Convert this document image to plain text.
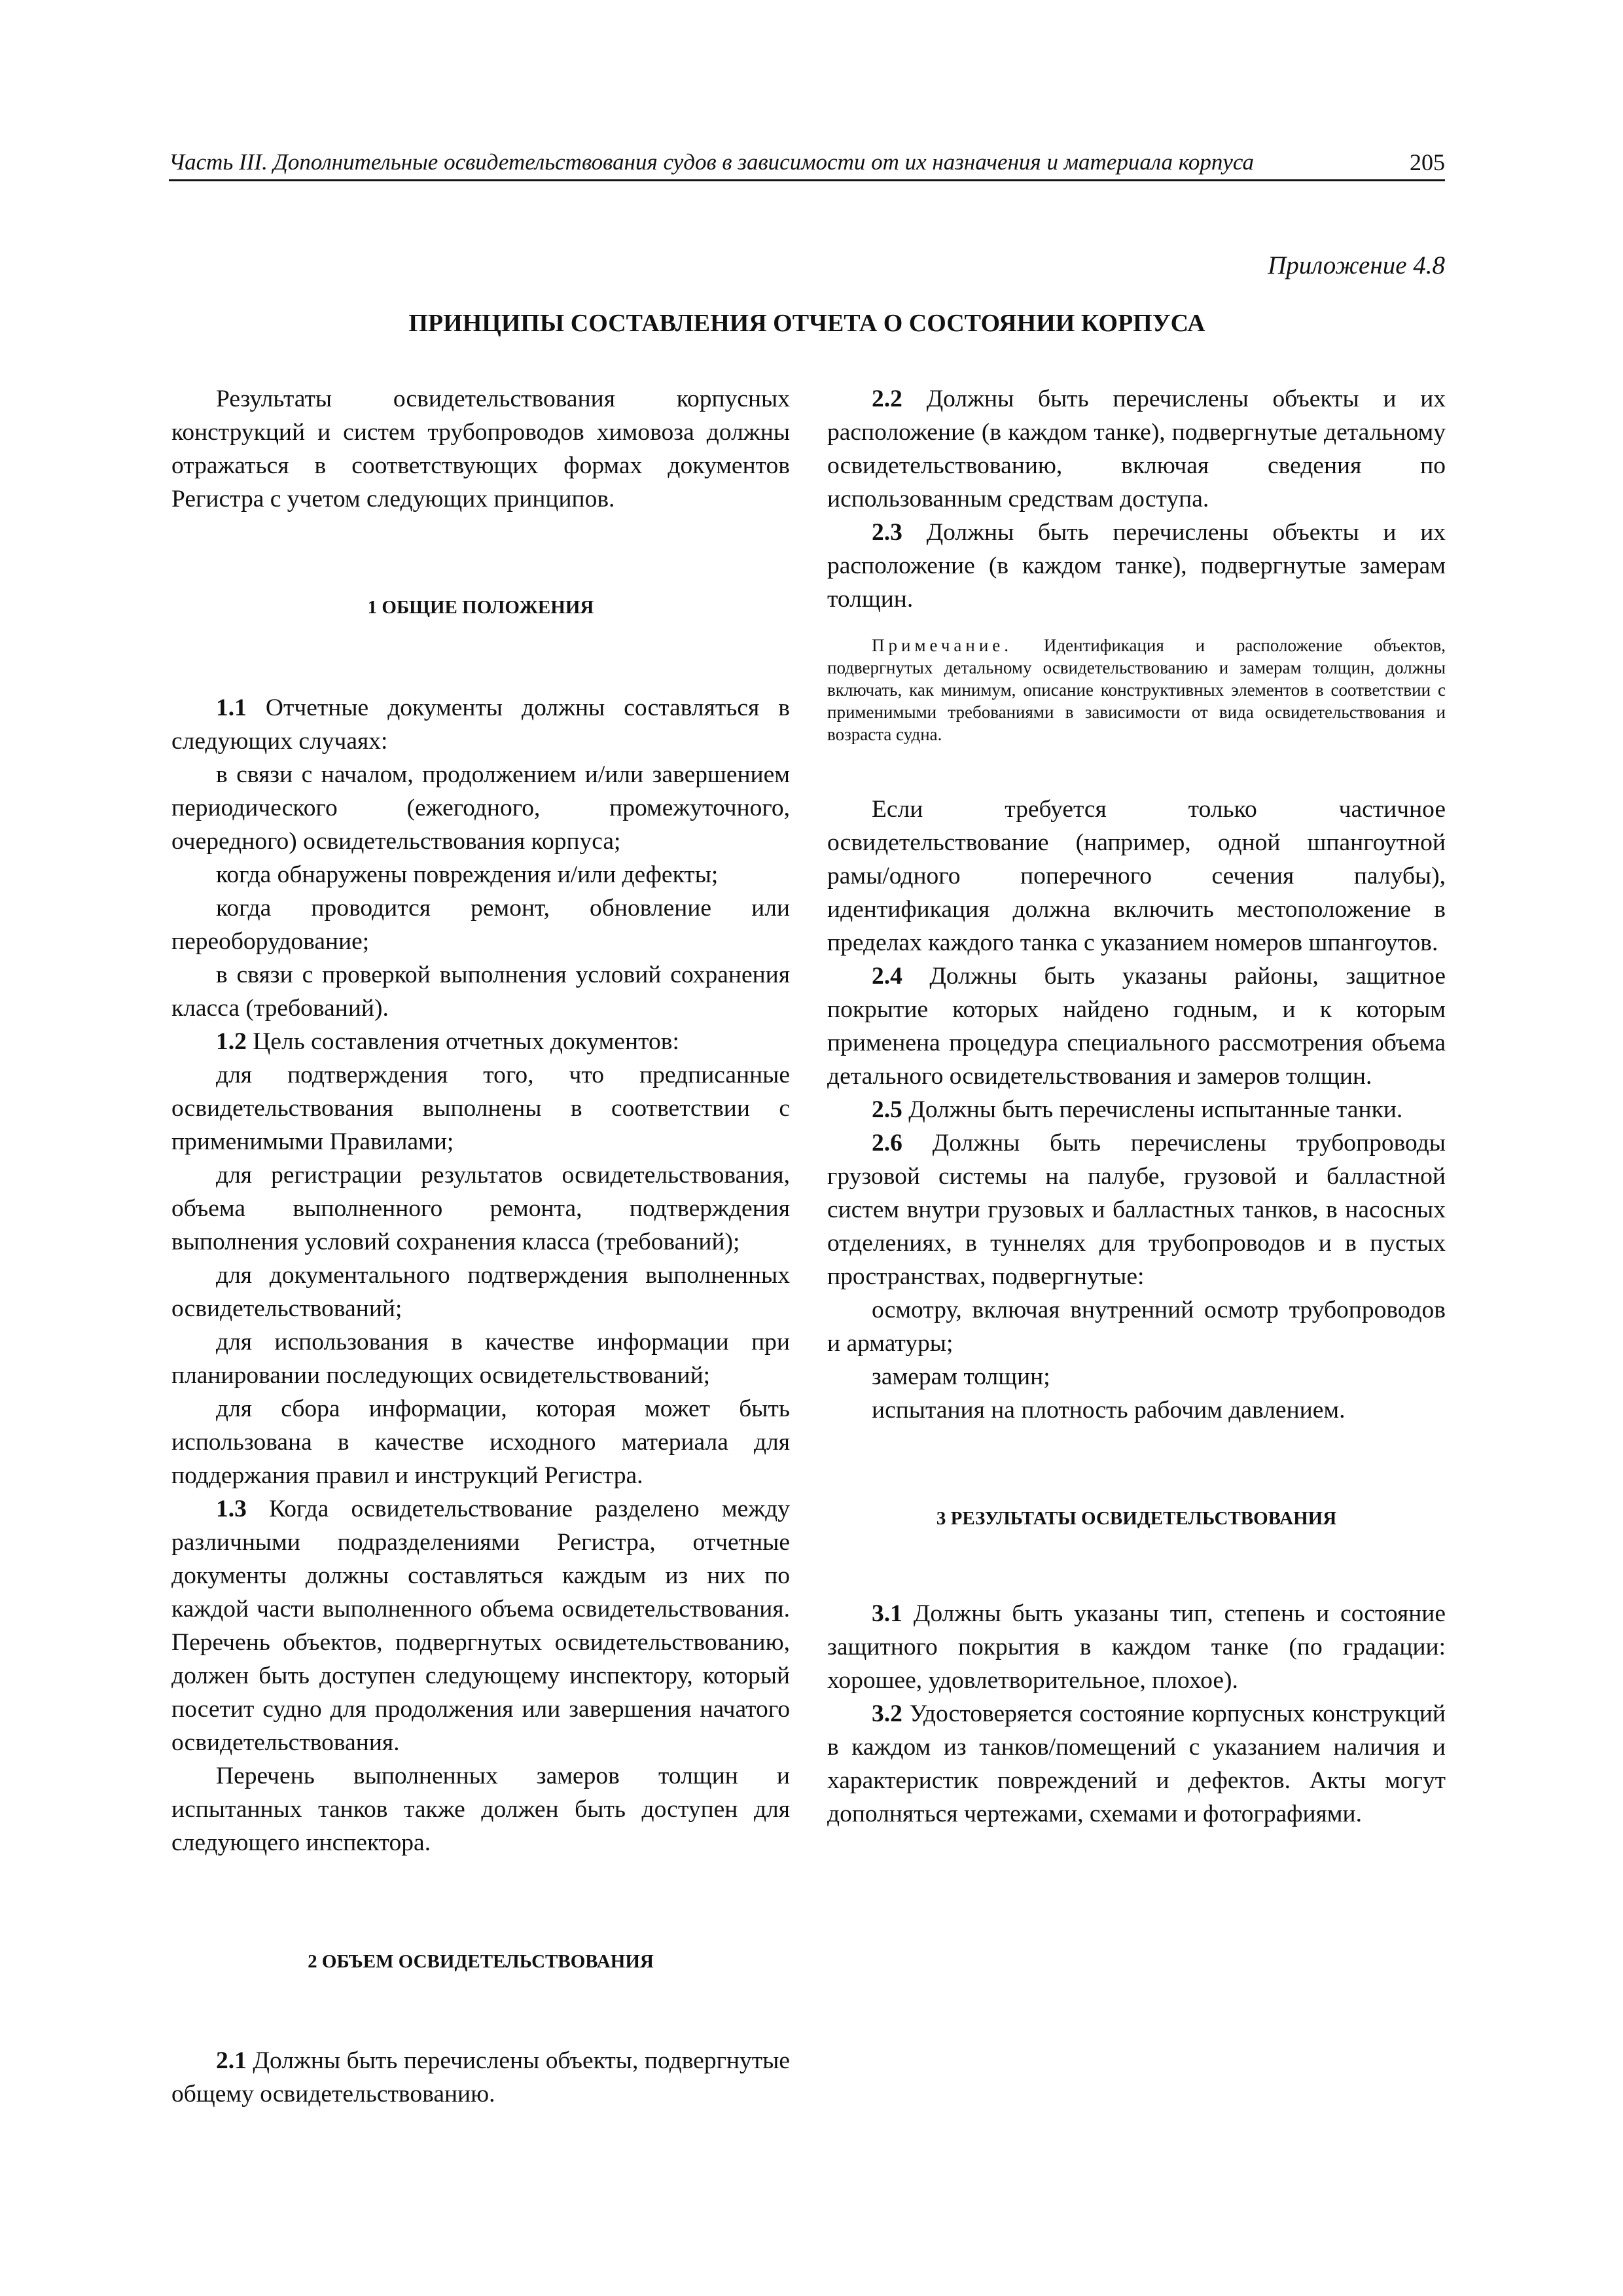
Часть III. Дополнительные освидетельствования судов в зависимости от их назначения и материала корпуса	205
Приложение 4.8
ПРИНЦИПЫ СОСТАВЛЕНИЯ ОТЧЕТА О СОСТОЯНИИ КОРПУСА

Результаты освидетельствования корпусных конструкций и систем трубопроводов химовоза должны отражаться в соответствующих формах документов Регистра с учетом следующих принципов.

1 ОБЩИЕ ПОЛОЖЕНИЯ

1.1 Отчетные документы должны составляться в следующих случаях:

в связи с началом, продолжением и/или завершением периодического (ежегодного, промежуточного, очередного) освидетельствования корпуса;

когда обнаружены повреждения и/или дефекты;

когда проводится ремонт, обновление или переоборудование;

в связи с проверкой выполнения условий сохранения класса (требований).

1.2 Цель составления отчетных документов:

для подтверждения того, что предписанные освидетельствования выполнены в соответствии с применимыми Правилами;

для регистрации результатов освидетельствования, объема выполненного ремонта, подтверждения выполнения условий сохранения класса (требований);

для документального подтверждения выполненных освидетельствований;

для использования в качестве информации при планировании последующих освидетельствований;

для сбора информации, которая может быть использована в качестве исходного материала для поддержания правил и инструкций Регистра.

1.3 Когда освидетельствование разделено между различными подразделениями Регистра, отчетные документы должны составляться каждым из них по каждой части выполненного объема освидетельствования. Перечень объектов, подвергнутых освидетельствованию, должен быть доступен следующему инспектору, который посетит судно для продолжения или завершения начатого освидетельствования.

Перечень выполненных замеров толщин и испытанных танков также должен быть доступен для следующего инспектора.

2 ОБЪЕМ ОСВИДЕТЕЛЬСТВОВАНИЯ

2.1 Должны быть перечислены объекты, подвергнутые общему освидетельствованию.

2.2 Должны быть перечислены объекты и их расположение (в каждом танке), подвергнутые детальному освидетельствованию, включая сведения по использованным средствам доступа.

2.3 Должны быть перечислены объекты и их расположение (в каждом танке), подвергнутые замерам толщин.

Примечание. Идентификация и расположение объектов, подвергнутых детальному освидетельствованию и замерам толщин, должны включать, как минимум, описание конструктивных элементов в соответствии с применимыми требованиями в зависимости от вида освидетельствования и возраста судна.

Если требуется только частичное освидетельствование (например, одной шпангоутной рамы/одного поперечного сечения палубы), идентификация должна включить местоположение в пределах каждого танка с указанием номеров шпангоутов.

2.4 Должны быть указаны районы, защитное покрытие которых найдено годным, и к которым применена процедура специального рассмотрения объема детального освидетельствования и замеров толщин.

2.5 Должны быть перечислены испытанные танки.

2.6 Должны быть перечислены трубопроводы грузовой системы на палубе, грузовой и балластной систем внутри грузовых и балластных танков, в насосных отделениях, в туннелях для трубопроводов и в пустых пространствах, подвергнутые:

осмотру, включая внутренний осмотр трубопроводов и арматуры;

замерам толщин;

испытания на плотность рабочим давлением.

3 РЕЗУЛЬТАТЫ ОСВИДЕТЕЛЬСТВОВАНИЯ

3.1 Должны быть указаны тип, степень и состояние защитного покрытия в каждом танке (по градации: хорошее, удовлетворительное, плохое).

3.2 Удостоверяется состояние корпусных конструкций в каждом из танков/помещений с указанием наличия и характеристик повреждений и дефектов. Акты могут дополняться чертежами, схемами и фотографиями.
